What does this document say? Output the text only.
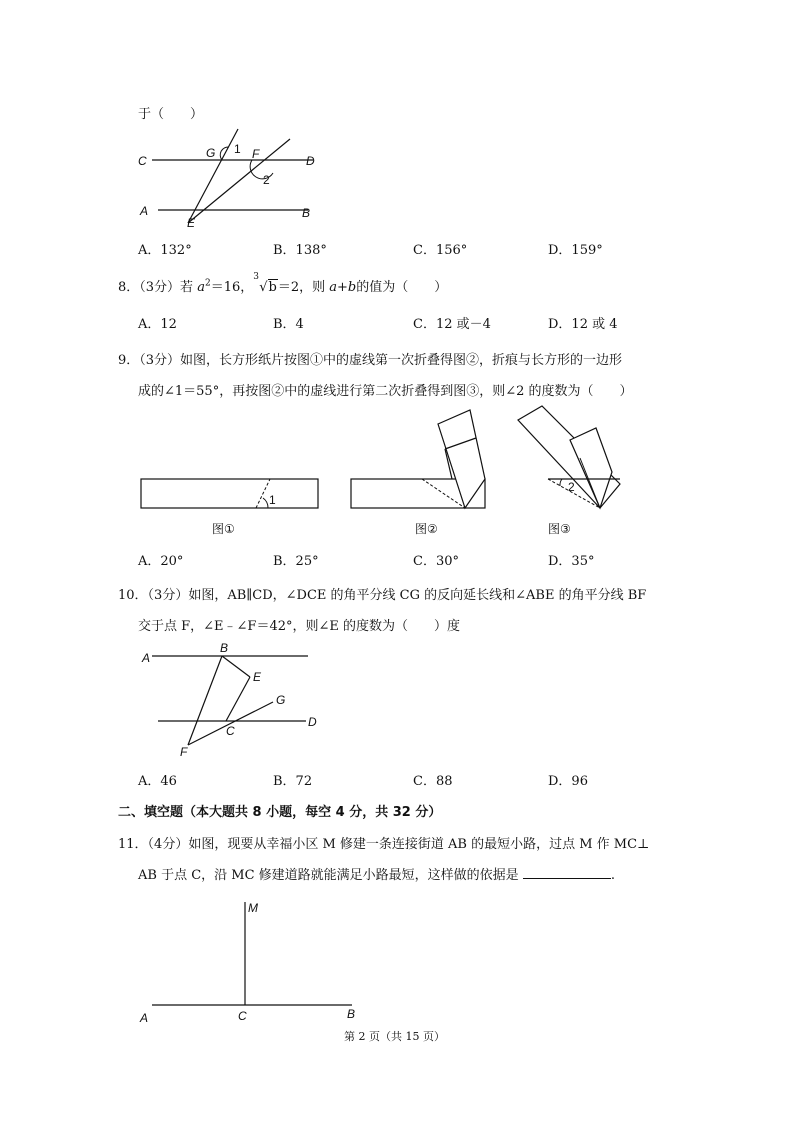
于（　　）
C
G 1 F	D
2
A
E
B
A．132°	B．138°	C．156°	D．159°
8．（3分）若 $a^2=16$，
3
√b＝2，则 a+b的值为（　　）
A．12	B．4	C．12 或－4	D．12 或 4
9．（3分）如图，长方形纸片按图①中的虚线第一次折叠得图②，折痕与长方形的一边形
成的∠1＝55°，再按图②中的虚线进行第二次折叠得到图③，则∠2 的度数为（　　）
1
图①	图②
2
图③
A．20°	B．25°	C．30°	D．35°
10．（3分）如图，AB∥CD，∠DCE 的角平分线 CG 的反向延长线和∠ABE 的角平分线 BF
交于点 F，∠E﹣∠F＝42°，则∠E 的度数为（　　）度
A
B
E
G
D
C
F
A．46	B．72	C．88	D．96
二、填空题（本大题共 8 小题，每空 4 分，共 32 分）
11．（4分）如图，现要从幸福小区 M 修建一条连接街道 AB 的最短小路，过点 M 作 MC⊥
AB 于点 C，沿 MC 修建道路就能满足小路最短，这样做的依据是	.
M
A	C	B
第 2 页（共 15 页）
